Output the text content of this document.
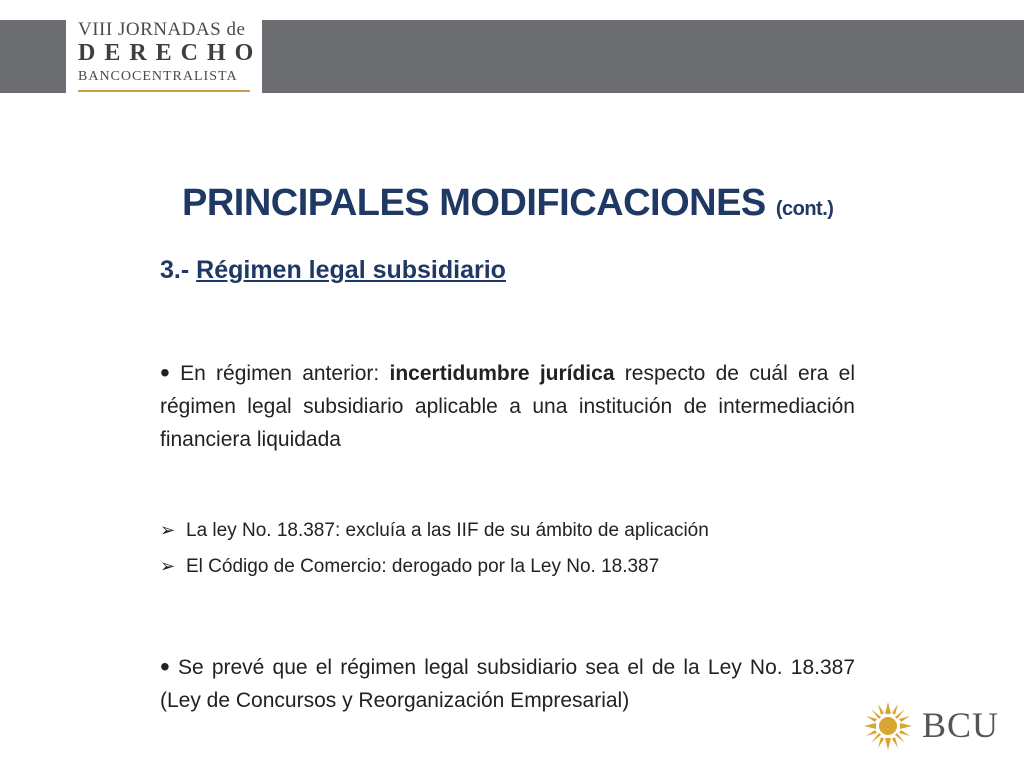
VIII JORNADAS de
DERECHO
BANCOCENTRALISTA
PRINCIPALES MODIFICACIONES (cont.)
3.- Régimen legal subsidiario
• En régimen anterior: incertidumbre jurídica respecto de cuál era el régimen legal subsidiario aplicable a una institución de intermediación financiera liquidada
➢ La ley No. 18.387: excluía a las IIF de su ámbito de aplicación
➢ El Código de Comercio: derogado por la Ley No. 18.387
• Se prevé que el régimen legal subsidiario sea el de la Ley No. 18.387 (Ley de Concursos y Reorganización Empresarial)
BCU
